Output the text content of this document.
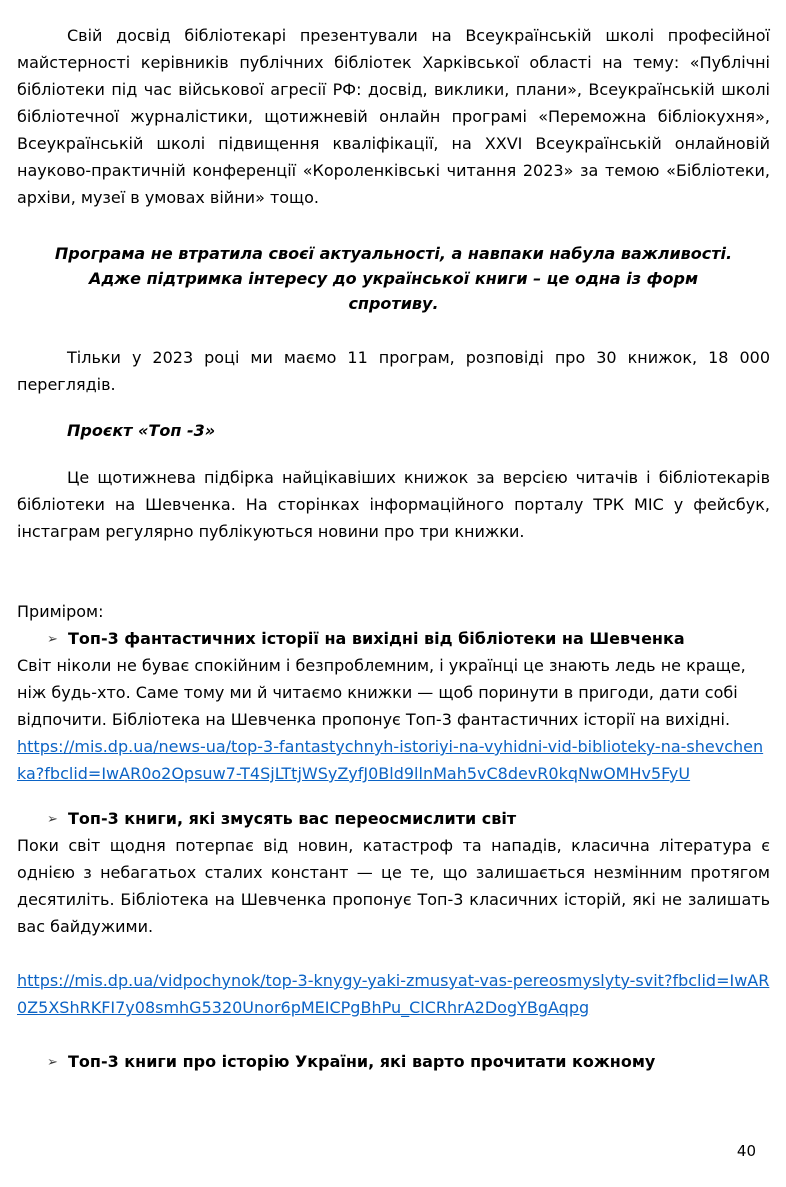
Свій досвід бібліотекарі презентували на Всеукраїнській школі професійної майстерності керівників публічних бібліотек Харківської області на тему: «Публічні бібліотеки під час військової агресії РФ: досвід, виклики, плани», Всеукраїнській школі бібліотечної журналістики, щотижневій онлайн програмі «Переможна бібліокухня», Всеукраїнській школі підвищення кваліфікації, на XXVI Всеукраїнській онлайновій науково-практичній конференції «Короленківські читання 2023» за темою «Бібліотеки, архіви, музеї в умовах війни» тощо.

Програма не втратила своєї актуальності, а навпаки набула важливості. Адже підтримка інтересу до української книги – це одна із форм спротиву.

Тільки у 2023 році ми маємо 11 програм, розповіді про 30 книжок, 18 000 переглядів.

Проєкт «Топ -3»

Це щотижнева підбірка найцікавіших книжок за версією читачів і бібліотекарів бібліотеки на Шевченка. На сторінках інформаційного порталу ТРК МІС у фейсбук, інстаграм регулярно публікуються новини про три книжки.

Приміром:

➢ Топ-3 фантастичних історії на вихідні від бібліотеки на Шевченка

Світ ніколи не буває спокійним і безпроблемним, і українці це знають ледь не краще, ніж будь-хто. Саме тому ми й читаємо книжки — щоб поринути в пригоди, дати собі відпочити. Бібліотека на Шевченка пропонує Топ-3 фантастичних історії на вихідні.

https://mis.dp.ua/news-ua/top-3-fantastychnyh-istoriyi-na-vyhidni-vid-biblioteky-na-shevchenka?fbclid=IwAR0o2Opsuw7-T4SjLTtjWSyZyfJ0Bld9llnMah5vC8devR0kqNwOMHv5FyU
➢ Топ-3 книги, які змусять вас переосмислити світ

Поки світ щодня потерпає від новин, катастроф та нападів, класична література є однією з небагатьох сталих констант — це те, що залишається незмінним протягом десятиліть. Бібліотека на Шевченка пропонує Топ-3 класичних історій, які не залишать вас байдужими.

https://mis.dp.ua/vidpochynok/top-3-knygy-yaki-zmusyat-vas-pereosmyslyty-svit?fbclid=IwAR0Z5XShRKFI7y08smhG5320Unor6pMEICPgBhPu_ClCRhrA2DogYBgAqpg
➢ Топ-3 книги про історію України, які варто прочитати кожному
40
